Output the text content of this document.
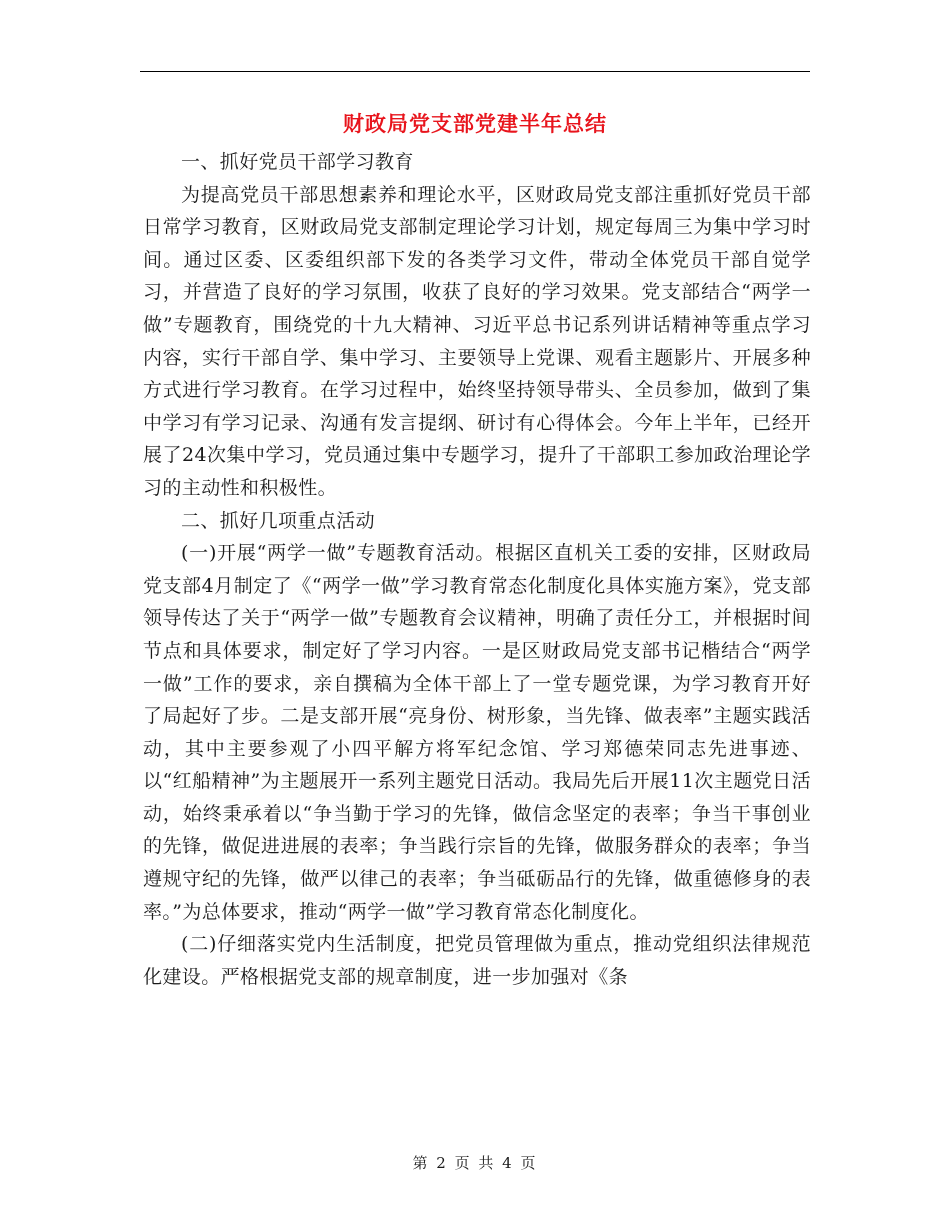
财政局党支部党建半年总结

一、抓好党员干部学习教育

为提高党员干部思想素养和理论水平，区财政局党支部注重抓好党员干部日常学习教育，区财政局党支部制定理论学习计划，规定每周三为集中学习时间。通过区委、区委组织部下发的各类学习文件，带动全体党员干部自觉学习，并营造了良好的学习氛围，收获了良好的学习效果。党支部结合“两学一做”专题教育，围绕党的十九大精神、习近平总书记系列讲话精神等重点学习内容，实行干部自学、集中学习、主要领导上党课、观看主题影片、开展多种方式进行学习教育。在学习过程中，始终坚持领导带头、全员参加，做到了集中学习有学习记录、沟通有发言提纲、研讨有心得体会。今年上半年，已经开展了24次集中学习，党员通过集中专题学习，提升了干部职工参加政治理论学习的主动性和积极性。

二、抓好几项重点活动

(一)开展“两学一做”专题教育活动。根据区直机关工委的安排，区财政局党支部4月制定了《“两学一做”学习教育常态化制度化具体实施方案》，党支部领导传达了关于“两学一做”专题教育会议精神，明确了责任分工，并根据时间节点和具体要求，制定好了学习内容。一是区财政局党支部书记楷结合“两学一做”工作的要求，亲自撰稿为全体干部上了一堂专题党课，为学习教育开好了局起好了步。二是支部开展“亮身份、树形象，当先锋、做表率”主题实践活动，其中主要参观了小四平解方将军纪念馆、学习郑德荣同志先进事迹、以“红船精神”为主题展开一系列主题党日活动。我局先后开展11次主题党日活动，始终秉承着以“争当勤于学习的先锋，做信念坚定的表率；争当干事创业的先锋，做促进进展的表率；争当践行宗旨的先锋，做服务群众的表率；争当遵规守纪的先锋，做严以律己的表率；争当砥砺品行的先锋，做重德修身的表率。”为总体要求，推动“两学一做”学习教育常态化制度化。

(二)仔细落实党内生活制度，把党员管理做为重点，推动党组织法律规范化建设。严格根据党支部的规章制度，进一步加强对《条

第 2 页 共 4 页
